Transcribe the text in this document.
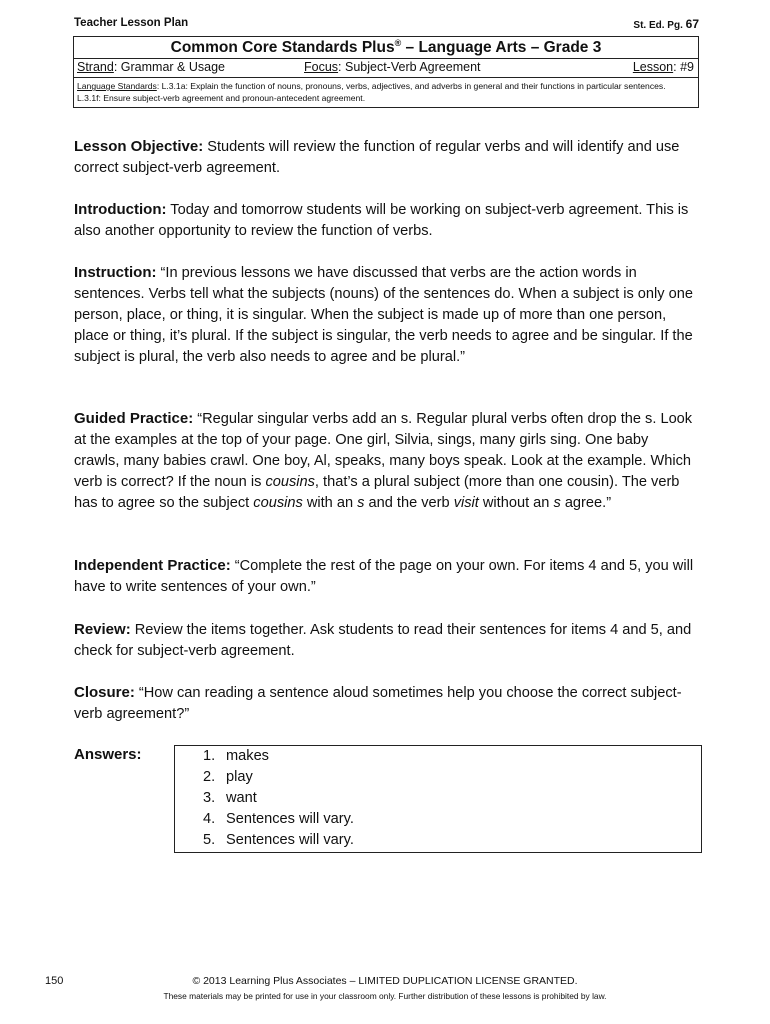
Teacher Lesson Plan	St. Ed. Pg. 67
Common Core Standards Plus® – Language Arts – Grade 3
Strand: Grammar & Usage	Focus: Subject-Verb Agreement	Lesson: #9
Language Standards: L.3.1a: Explain the function of nouns, pronouns, verbs, adjectives, and adverbs in general and their functions in particular sentences.
L.3.1f: Ensure subject-verb agreement and pronoun-antecedent agreement.

Lesson Objective: Students will review the function of regular verbs and will identify and use correct subject-verb agreement.

Introduction: Today and tomorrow students will be working on subject-verb agreement. This is also another opportunity to review the function of verbs.

Instruction: “In previous lessons we have discussed that verbs are the action words in sentences. Verbs tell what the subjects (nouns) of the sentences do. When a subject is only one person, place, or thing, it is singular. When the subject is made up of more than one person, place or thing, it’s plural. If the subject is singular, the verb needs to agree and be singular. If the subject is plural, the verb also needs to agree and be plural.”

Guided Practice: “Regular singular verbs add an s. Regular plural verbs often drop the s. Look at the examples at the top of your page. One girl, Silvia, sings, many girls sing. One baby crawls, many babies crawl. One boy, Al, speaks, many boys speak. Look at the example. Which verb is correct? If the noun is cousins, that’s a plural subject (more than one cousin). The verb has to agree so the subject cousins with an s and the verb visit without an s agree.”

Independent Practice: “Complete the rest of the page on your own. For items 4 and 5, you will have to write sentences of your own.”

Review: Review the items together. Ask students to read their sentences for items 4 and 5, and check for subject-verb agreement.

Closure: “How can reading a sentence aloud sometimes help you choose the correct subject-verb agreement?”

Answers:	1. makes
2. play
3. want
4. Sentences will vary.
5. Sentences will vary.
150	© 2013 Learning Plus Associates – LIMITED DUPLICATION LICENSE GRANTED.
These materials may be printed for use in your classroom only. Further distribution of these lessons is prohibited by law.
